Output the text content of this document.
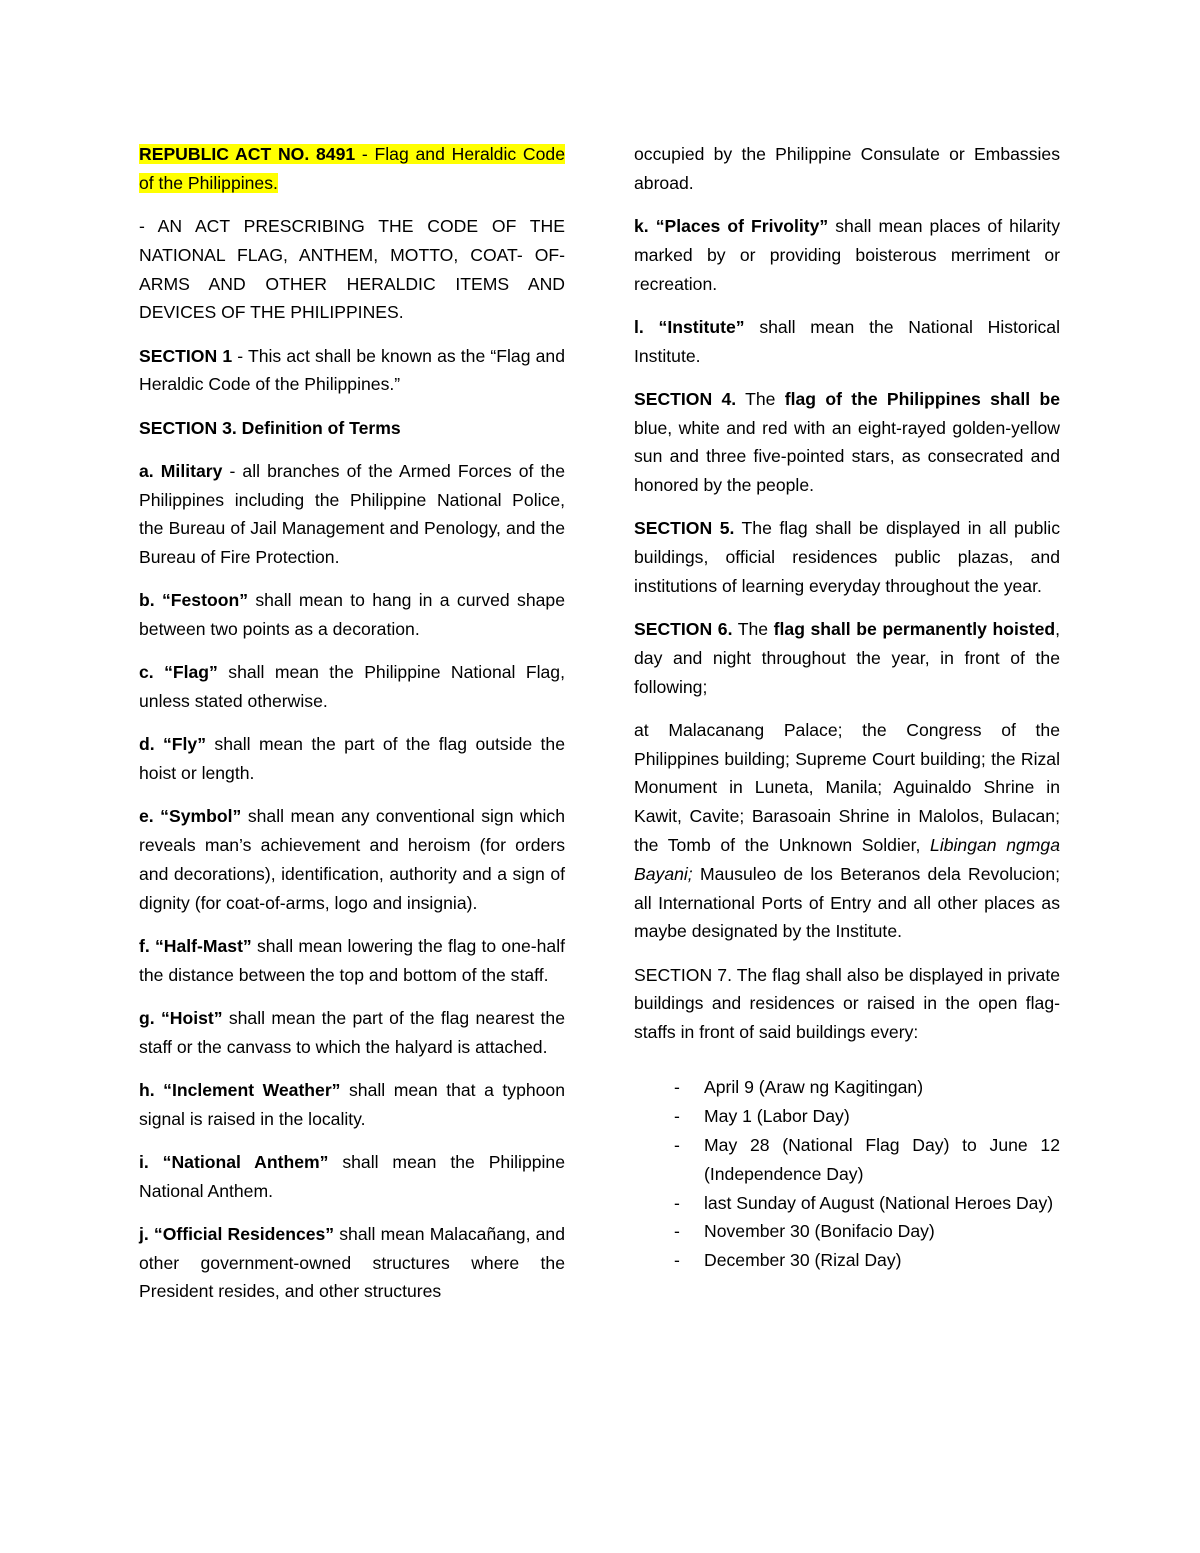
REPUBLIC ACT NO. 8491 - Flag and Heraldic Code of the Philippines.

- AN ACT PRESCRIBING THE CODE OF THE NATIONAL FLAG, ANTHEM, MOTTO, COAT- OF-ARMS AND OTHER HERALDIC ITEMS AND DEVICES OF THE PHILIPPINES.

SECTION 1 - This act shall be known as the “Flag and Heraldic Code of the Philippines.”

SECTION 3. Definition of Terms

a. Military - all branches of the Armed Forces of the Philippines including the Philippine National Police, the Bureau of Jail Management and Penology, and the Bureau of Fire Protection.

b. “Festoon” shall mean to hang in a curved shape between two points as a decoration.

c. “Flag” shall mean the Philippine National Flag, unless stated otherwise.

d. “Fly” shall mean the part of the flag outside the hoist or length.

e. “Symbol” shall mean any conventional sign which reveals man’s achievement and heroism (for orders and decorations), identification, authority and a sign of dignity (for coat-of-arms, logo and insignia).

f. “Half-Mast” shall mean lowering the flag to one-half the distance between the top and bottom of the staff.

g. “Hoist” shall mean the part of the flag nearest the staff or the canvass to which the halyard is attached.

h. “Inclement Weather” shall mean that a typhoon signal is raised in the locality.

i. “National Anthem” shall mean the Philippine National Anthem.

j. “Official Residences” shall mean Malacañang, and other government-owned structures where the President resides, and other structures

occupied by the Philippine Consulate or Embassies abroad.

k. “Places of Frivolity” shall mean places of hilarity marked by or providing boisterous merriment or recreation.

l. “Institute” shall mean the National Historical Institute.

SECTION 4. The flag of the Philippines shall be blue, white and red with an eight-rayed golden-yellow sun and three five-pointed stars, as consecrated and honored by the people.

SECTION 5. The flag shall be displayed in all public buildings, official residences public plazas, and institutions of learning everyday throughout the year.

SECTION 6. The flag shall be permanently hoisted, day and night throughout the year, in front of the following;

at Malacanang Palace; the Congress of the Philippines building; Supreme Court building; the Rizal Monument in Luneta, Manila; Aguinaldo Shrine in Kawit, Cavite; Barasoain Shrine in Malolos, Bulacan; the Tomb of the Unknown Soldier, Libingan ngmga Bayani; Mausuleo de los Beteranos dela Revolucion; all International Ports of Entry and all other places as maybe designated by the Institute.

SECTION 7. The flag shall also be displayed in private buildings and residences or raised in the open flag- staffs in front of said buildings every:

- April 9 (Araw ng Kagitingan)
- May 1 (Labor Day)
- May 28 (National Flag Day) to June 12 (Independence Day)
- last Sunday of August (National Heroes Day)
- November 30 (Bonifacio Day)
- December 30 (Rizal Day)
